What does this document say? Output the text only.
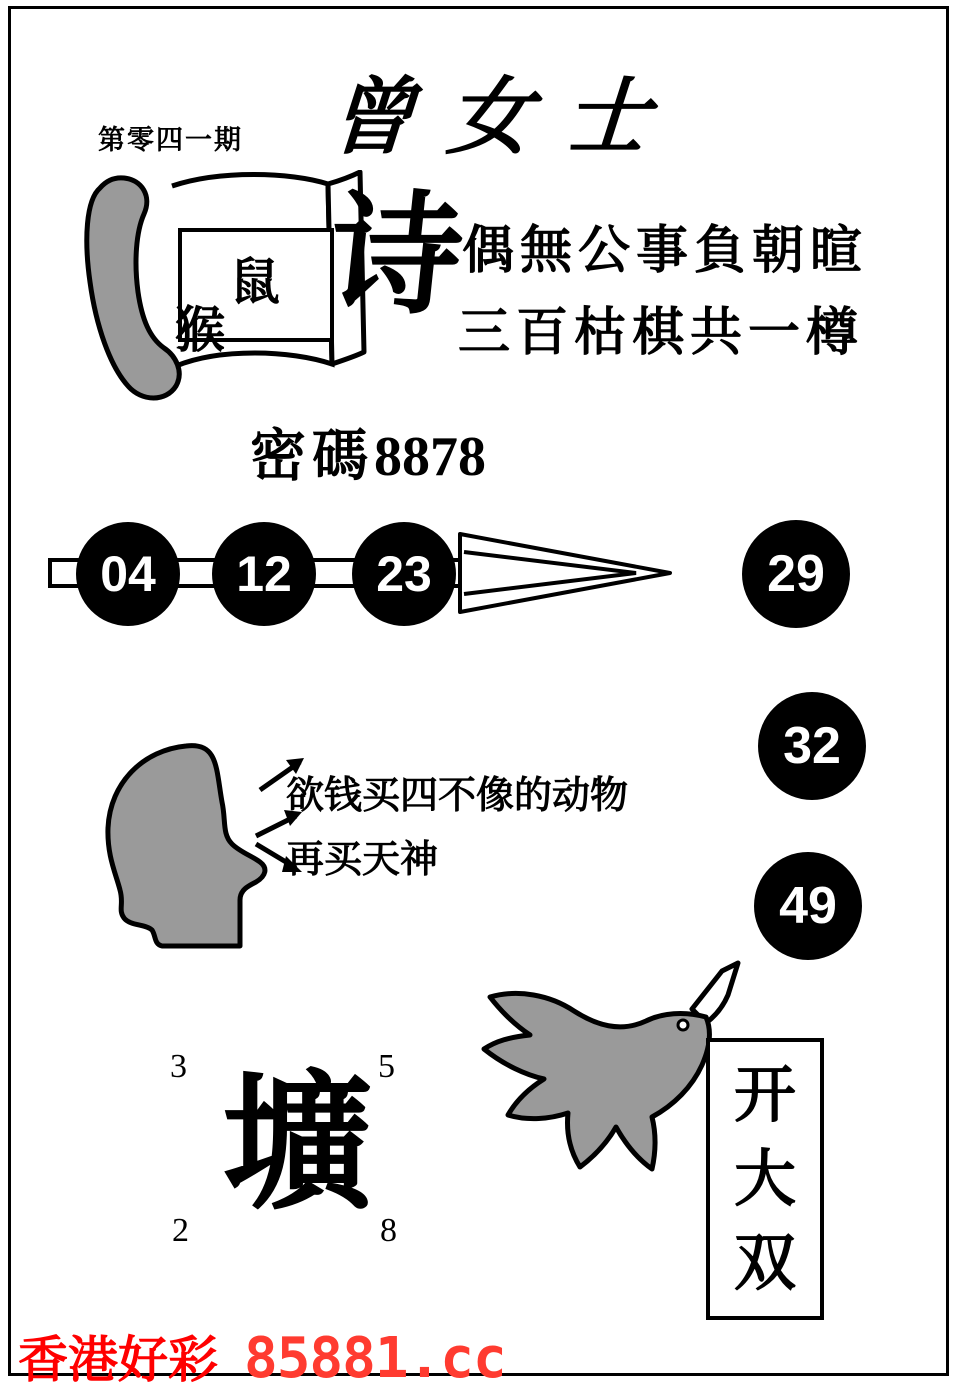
第零四一期 曾女士
鼠
猴 诗
偶無公事負朝暄
三百枯棋共一樽
密碼8878
04	12	23	29
32
49
欲钱买四不像的动物
再买天神
3	5
2	8
壙	开
大
双
香港好彩 85881.cc
